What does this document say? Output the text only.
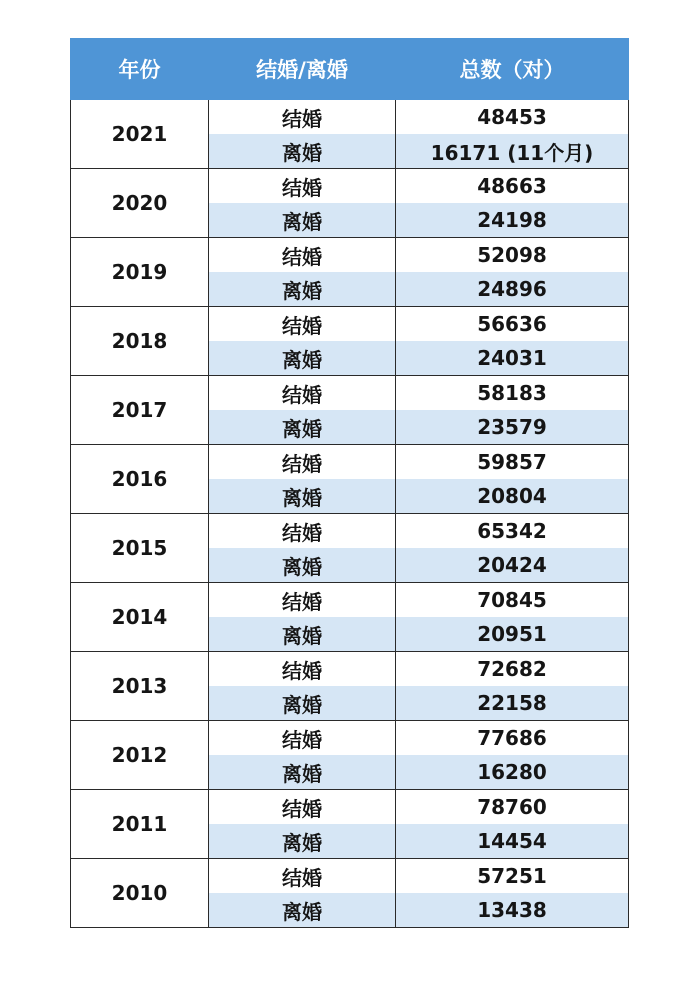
年份	结婚/离婚	总数（对）
2021	结婚	48453
	离婚	16171 (11个月)
2020	结婚	48663
	离婚	24198
2019	结婚	52098
	离婚	24896
2018	结婚	56636
	离婚	24031
2017	结婚	58183
	离婚	23579
2016	结婚	59857
	离婚	20804
2015	结婚	65342
	离婚	20424
2014	结婚	70845
	离婚	20951
2013	结婚	72682
	离婚	22158
2012	结婚	77686
	离婚	16280
2011	结婚	78760
	离婚	14454
2010	结婚	57251
	离婚	13438
